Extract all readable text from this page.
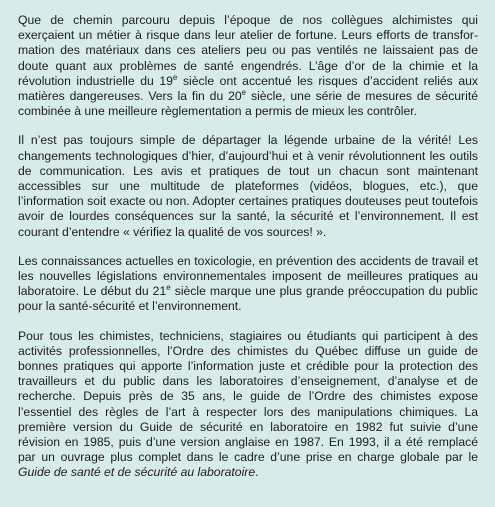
Que de chemin parcouru depuis l’époque de nos collègues alchimistes qui exerçaient un métier à risque dans leur atelier de fortune. Leurs efforts de transformation des matériaux dans ces ateliers peu ou pas ventilés ne laissaient pas de doute quant aux problèmes de santé engendrés. L’âge d’or de la chimie et la révolution industrielle du 19e siècle ont accentué les risques d’accident reliés aux matières dangereuses. Vers la fin du 20e siècle, une série de mesures de sécurité combinée à une meilleure règlementation a permis de mieux les contrôler.

Il n’est pas toujours simple de départager la légende urbaine de la vérité! Les changements technologiques d’hier, d’aujourd’hui et à venir révolutionnent les outils de communication. Les avis et pratiques de tout un chacun sont maintenant accessibles sur une multitude de plateformes (vidéos, blogues, etc.), que l’information soit exacte ou non. Adopter certaines pratiques douteuses peut toutefois avoir de lourdes conséquences sur la santé, la sécurité et l’environnement. Il est courant d’entendre « vérifiez la qualité de vos sources! ».

Les connaissances actuelles en toxicologie, en prévention des accidents de travail et les nouvelles législations environnementales imposent de meilleures pratiques au laboratoire. Le début du 21e siècle marque une plus grande préoccupation du public pour la santé-sécurité et l’environnement.

Pour tous les chimistes, techniciens, stagiaires ou étudiants qui participent à des activités professionnelles, l’Ordre des chimistes du Québec diffuse un guide de bonnes pratiques qui apporte l’information juste et crédible pour la protection des travailleurs et du public dans les laboratoires d’enseignement, d’analyse et de recherche. Depuis près de 35 ans, le guide de l’Ordre des chimistes expose l’essentiel des règles de l’art à respecter lors des manipulations chimiques. La première version du Guide de sécurité en laboratoire en 1982 fut suivie d’une révision en 1985, puis d’une version anglaise en 1987. En 1993, il a été remplacé par un ouvrage plus complet dans le cadre d’une prise en charge globale par le Guide de santé et de sécurité au laboratoire.
